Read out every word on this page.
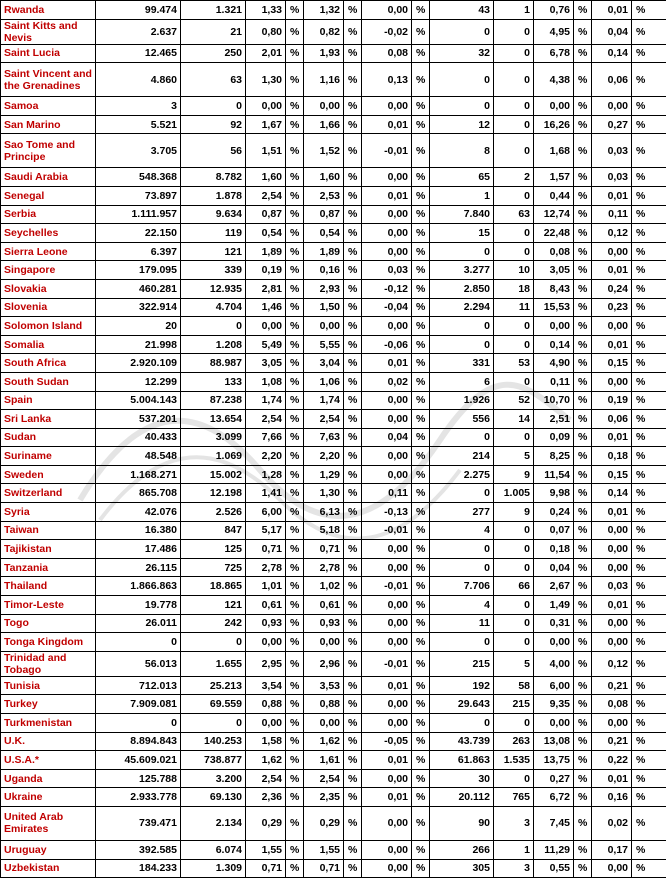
Rwanda	99.474	1.321	1,33	%	1,32	%	0,00	%	43	1	0,76	%	0,01	%
Saint Kitts and Nevis	2.637	21	0,80	%	0,82	%	-0,02	%	0	0	4,95	%	0,04	%
Saint Lucia	12.465	250	2,01	%	1,93	%	0,08	%	32	0	6,78	%	0,14	%
Saint Vincent and the Grenadines	4.860	63	1,30	%	1,16	%	0,13	%	0	0	4,38	%	0,06	%
Samoa	3	0	0,00	%	0,00	%	0,00	%	0	0	0,00	%	0,00	%
San Marino	5.521	92	1,67	%	1,66	%	0,01	%	12	0	16,26	%	0,27	%
Sao Tome and Principe	3.705	56	1,51	%	1,52	%	-0,01	%	8	0	1,68	%	0,03	%
Saudi Arabia	548.368	8.782	1,60	%	1,60	%	0,00	%	65	2	1,57	%	0,03	%
Senegal	73.897	1.878	2,54	%	2,53	%	0,01	%	1	0	0,44	%	0,01	%
Serbia	1.111.957	9.634	0,87	%	0,87	%	0,00	%	7.840	63	12,74	%	0,11	%
Seychelles	22.150	119	0,54	%	0,54	%	0,00	%	15	0	22,48	%	0,12	%
Sierra Leone	6.397	121	1,89	%	1,89	%	0,00	%	0	0	0,08	%	0,00	%
Singapore	179.095	339	0,19	%	0,16	%	0,03	%	3.277	10	3,05	%	0,01	%
Slovakia	460.281	12.935	2,81	%	2,93	%	-0,12	%	2.850	18	8,43	%	0,24	%
Slovenia	322.914	4.704	1,46	%	1,50	%	-0,04	%	2.294	11	15,53	%	0,23	%
Solomon Island	20	0	0,00	%	0,00	%	0,00	%	0	0	0,00	%	0,00	%
Somalia	21.998	1.208	5,49	%	5,55	%	-0,06	%	0	0	0,14	%	0,01	%
South Africa	2.920.109	88.987	3,05	%	3,04	%	0,01	%	331	53	4,90	%	0,15	%
South Sudan	12.299	133	1,08	%	1,06	%	0,02	%	6	0	0,11	%	0,00	%
Spain	5.004.143	87.238	1,74	%	1,74	%	0,00	%	1.926	52	10,70	%	0,19	%
Sri Lanka	537.201	13.654	2,54	%	2,54	%	0,00	%	556	14	2,51	%	0,06	%
Sudan	40.433	3.099	7,66	%	7,63	%	0,04	%	0	0	0,09	%	0,01	%
Suriname	48.548	1.069	2,20	%	2,20	%	0,00	%	214	5	8,25	%	0,18	%
Sweden	1.168.271	15.002	1,28	%	1,29	%	0,00	%	2.275	9	11,54	%	0,15	%
Switzerland	865.708	12.198	1,41	%	1,30	%	0,11	%	0	1.005	9,98	%	0,14	%
Syria	42.076	2.526	6,00	%	6,13	%	-0,13	%	277	9	0,24	%	0,01	%
Taiwan	16.380	847	5,17	%	5,18	%	-0,01	%	4	0	0,07	%	0,00	%
Tajikistan	17.486	125	0,71	%	0,71	%	0,00	%	0	0	0,18	%	0,00	%
Tanzania	26.115	725	2,78	%	2,78	%	0,00	%	0	0	0,04	%	0,00	%
Thailand	1.866.863	18.865	1,01	%	1,02	%	-0,01	%	7.706	66	2,67	%	0,03	%
Timor-Leste	19.778	121	0,61	%	0,61	%	0,00	%	4	0	1,49	%	0,01	%
Togo	26.011	242	0,93	%	0,93	%	0,00	%	11	0	0,31	%	0,00	%
Tonga Kingdom	0	0	0,00	%	0,00	%	0,00	%	0	0	0,00	%	0,00	%
Trinidad and Tobago	56.013	1.655	2,95	%	2,96	%	-0,01	%	215	5	4,00	%	0,12	%
Tunisia	712.013	25.213	3,54	%	3,53	%	0,01	%	192	58	6,00	%	0,21	%
Turkey	7.909.081	69.559	0,88	%	0,88	%	0,00	%	29.643	215	9,35	%	0,08	%
Turkmenistan	0	0	0,00	%	0,00	%	0,00	%	0	0	0,00	%	0,00	%
U.K.	8.894.843	140.253	1,58	%	1,62	%	-0,05	%	43.739	263	13,08	%	0,21	%
U.S.A.*	45.609.021	738.877	1,62	%	1,61	%	0,01	%	61.863	1.535	13,75	%	0,22	%
Uganda	125.788	3.200	2,54	%	2,54	%	0,00	%	30	0	0,27	%	0,01	%
Ukraine	2.933.778	69.130	2,36	%	2,35	%	0,01	%	20.112	765	6,72	%	0,16	%
United Arab Emirates	739.471	2.134	0,29	%	0,29	%	0,00	%	90	3	7,45	%	0,02	%
Uruguay	392.585	6.074	1,55	%	1,55	%	0,00	%	266	1	11,29	%	0,17	%
Uzbekistan	184.233	1.309	0,71	%	0,71	%	0,00	%	305	3	0,55	%	0,00	%
